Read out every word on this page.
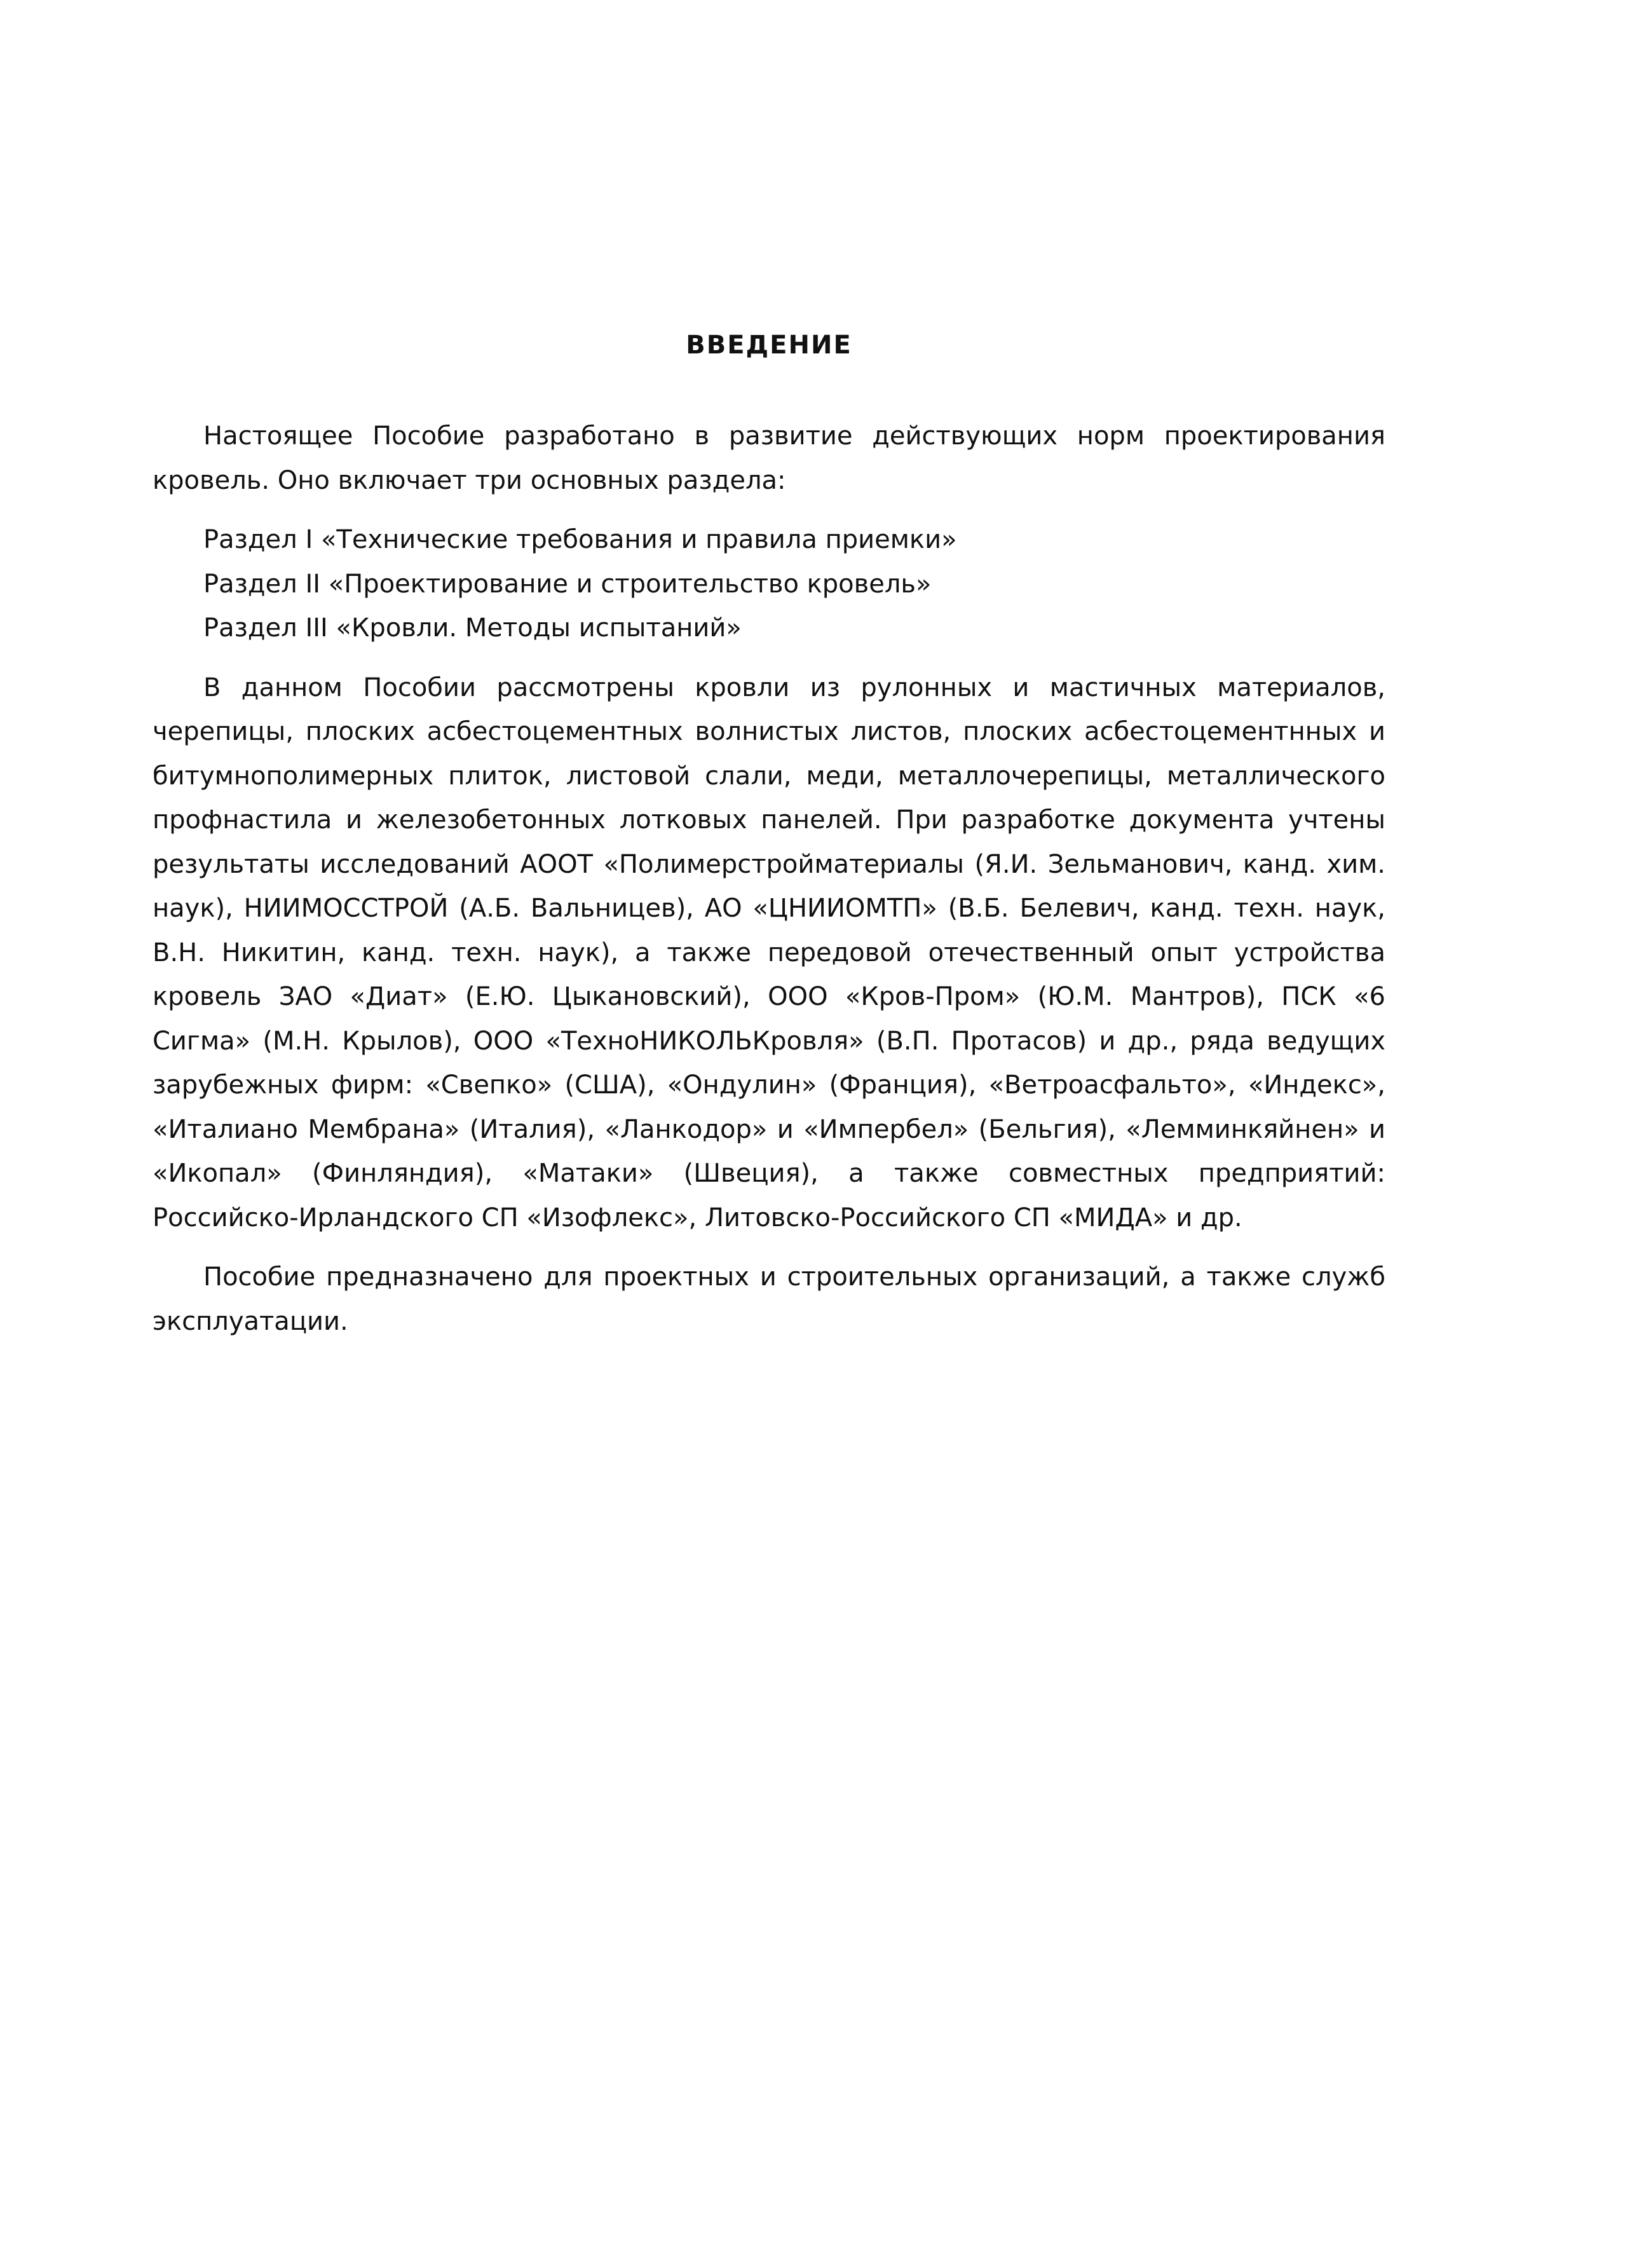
ВВЕДЕНИЕ

Настоящее Пособие разработано в развитие действующих норм проектирования кровель. Оно включает три основных раздела:

Раздел I «Технические требования и правила приемки»
Раздел II «Проектирование и строительство кровель»
Раздел III «Кровли. Методы испытаний»

В данном Пособии рассмотрены кровли из рулонных и мастичных материалов, черепицы, плоских асбестоцементных волнистых листов, плоских асбестоцементнных и битумнополимерных плиток, листовой слали, меди, металлочерепицы, металлического профнастила и железобетонных лотковых панелей. При разработке документа учтены результаты исследований АООТ «Полимерстройматериалы (Я.И. Зельманович, канд. хим. наук), НИИМОССТРОЙ (А.Б. Вальницев), АО «ЦНИИОМТП» (В.Б. Белевич, канд. техн. наук, В.Н. Никитин, канд. техн. наук), а также передовой отечественный опыт устройства кровель ЗАО «Диат» (Е.Ю. Цыкановский), ООО «Кров-Пром» (Ю.М. Мантров), ПСК «6 Сигма» (М.Н. Крылов), ООО «ТехноНИКОЛЬКровля» (В.П. Протасов) и др., ряда ведущих зарубежных фирм: «Свепко» (США), «Ондулин» (Франция), «Ветроасфальто», «Индекс», «Италиано Мембрана» (Италия), «Ланкодор» и «Импербел» (Бельгия), «Лемминкяйнен» и «Икопал» (Финляндия), «Матаки» (Швеция), а также совместных предприятий: Российско-Ирландского СП «Изофлекс», Литовско-Российского СП «МИДА» и др.

Пособие предназначено для проектных и строительных организаций, а также служб эксплуатации.
